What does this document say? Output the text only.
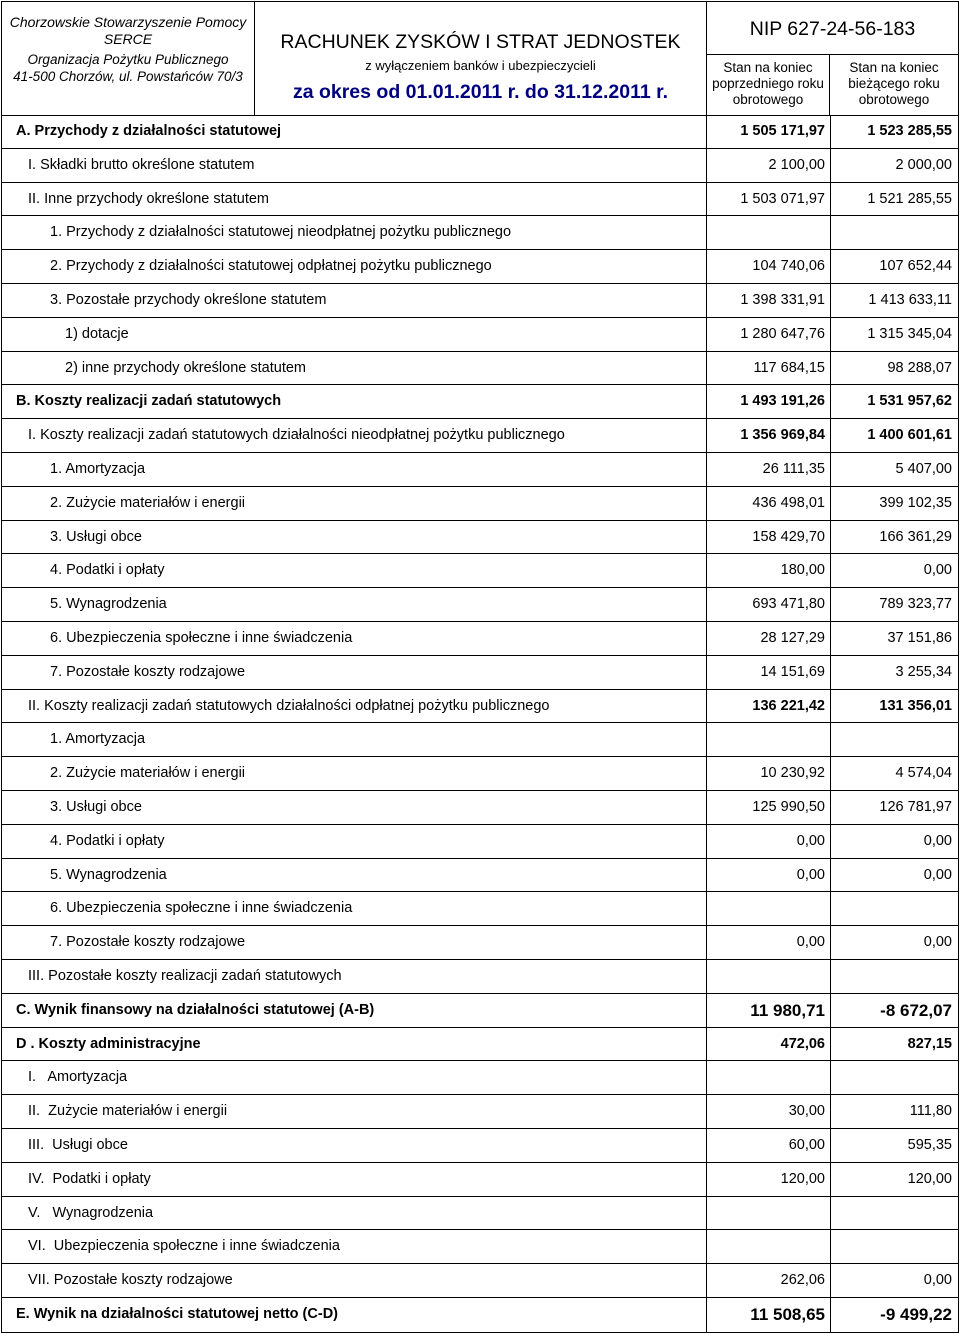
Chorzowskie Stowarzyszenie Pomocy
SERCE
Organizacja Pożytku Publicznego
41-500 Chorzów, ul. Powstańców 70/3
RACHUNEK ZYSKÓW I STRAT JEDNOSTEK
z wyłączeniem banków i ubezpieczycieli
za okres od 01.01.2011 r. do 31.12.2011 r.
NIP 627-24-56-183
Stan na koniec poprzedniego roku obrotowego
Stan na koniec bieżącego roku obrotowego
A. Przychody z działalności statutowej	1 505 171,97	1 523 285,55
I. Składki brutto określone statutem	2 100,00	2 000,00
II. Inne przychody określone statutem	1 503 071,97	1 521 285,55
1. Przychody z działalności statutowej nieodpłatnej pożytku publicznego
2. Przychody z działalności statutowej odpłatnej pożytku publicznego	104 740,06	107 652,44
3. Pozostałe przychody określone statutem	1 398 331,91	1 413 633,11
1) dotacje	1 280 647,76	1 315 345,04
2) inne przychody określone statutem	117 684,15	98 288,07
B. Koszty realizacji zadań statutowych	1 493 191,26	1 531 957,62
I. Koszty realizacji zadań statutowych działalności nieodpłatnej pożytku publicznego	1 356 969,84	1 400 601,61
1. Amortyzacja	26 111,35	5 407,00
2. Zużycie materiałów i energii	436 498,01	399 102,35
3. Usługi obce	158 429,70	166 361,29
4. Podatki i opłaty	180,00	0,00
5. Wynagrodzenia	693 471,80	789 323,77
6. Ubezpieczenia społeczne i inne świadczenia	28 127,29	37 151,86
7. Pozostałe koszty rodzajowe	14 151,69	3 255,34
II. Koszty realizacji zadań statutowych działalności odpłatnej pożytku publicznego	136 221,42	131 356,01
1. Amortyzacja
2. Zużycie materiałów i energii	10 230,92	4 574,04
3. Usługi obce	125 990,50	126 781,97
4. Podatki i opłaty	0,00	0,00
5. Wynagrodzenia	0,00	0,00
6. Ubezpieczenia społeczne i inne świadczenia
7. Pozostałe koszty rodzajowe	0,00	0,00
III. Pozostałe koszty realizacji zadań statutowych
C. Wynik finansowy na działalności statutowej (A-B)	11 980,71	-8 672,07
D . Koszty administracyjne	472,06	827,15
I.   Amortyzacja
II.  Zużycie materiałów i energii	30,00	111,80
III.  Usługi obce	60,00	595,35
IV.  Podatki i opłaty	120,00	120,00
V.   Wynagrodzenia
VI.  Ubezpieczenia społeczne i inne świadczenia
VII. Pozostałe koszty rodzajowe	262,06	0,00
E. Wynik na działalności statutowej netto (C-D)	11 508,65	-9 499,22
